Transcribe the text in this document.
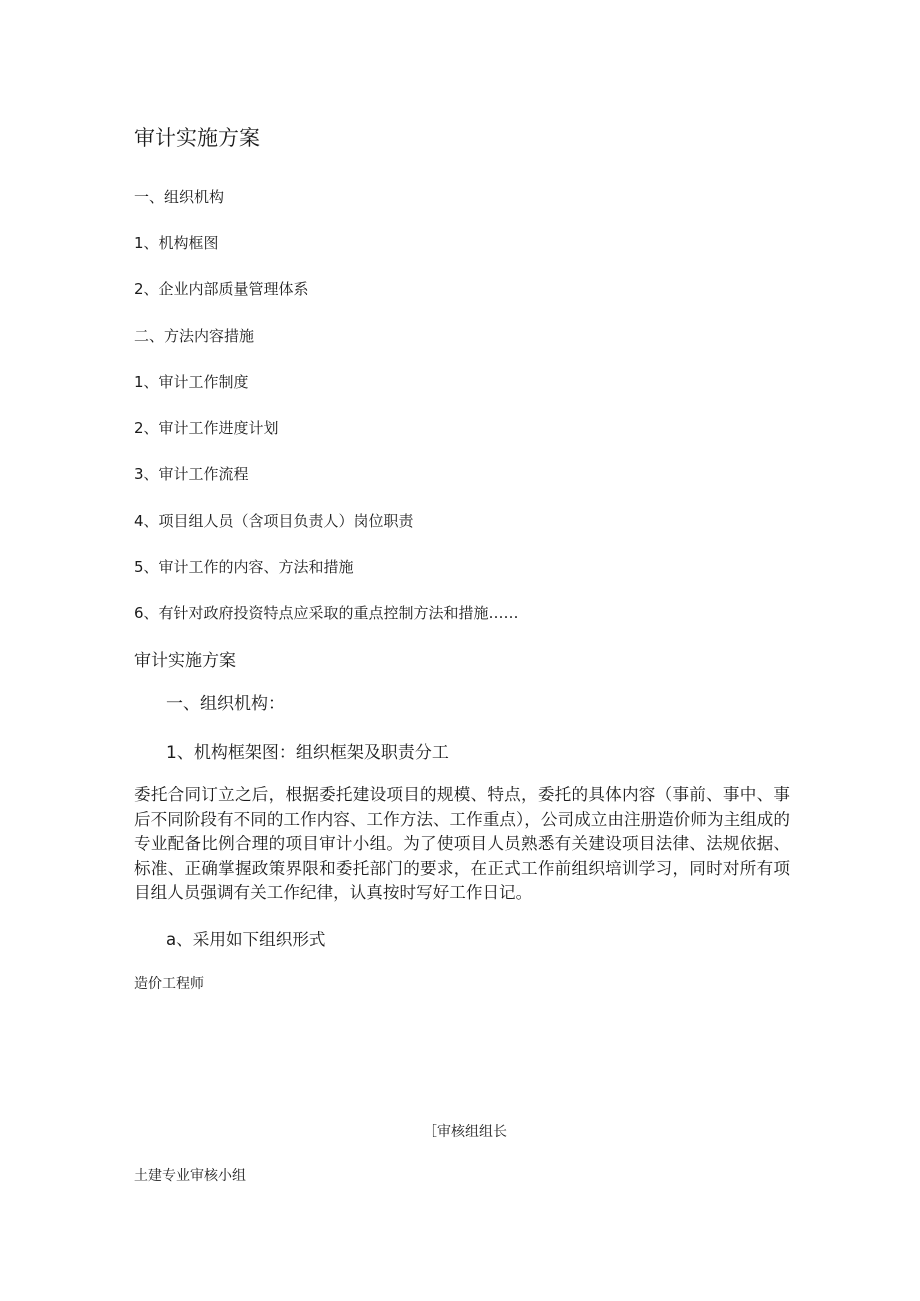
审计实施方案
一、组织机构
1、机构框图
2、企业内部质量管理体系
二、方法内容措施
1、审计工作制度
2、审计工作进度计划
3、审计工作流程
4、项目组人员（含项目负责人）岗位职责
5、审计工作的内容、方法和措施
6、有针对政府投资特点应采取的重点控制方法和措施……
审计实施方案
一、组织机构：
1、机构框架图：组织框架及职责分工
委托合同订立之后，根据委托建设项目的规模、特点，委托的具体内容（事前、事中、事后不同阶段有不同的工作内容、工作方法、工作重点），公司成立由注册造价师为主组成的专业配备比例合理的项目审计小组。为了使项目人员熟悉有关建设项目法律、法规依据、标准、正确掌握政策界限和委托部门的要求，在正式工作前组织培训学习，同时对所有项目组人员强调有关工作纪律，认真按时写好工作日记。
a、采用如下组织形式
造价工程师
［审核组组长
土建专业审核小组
